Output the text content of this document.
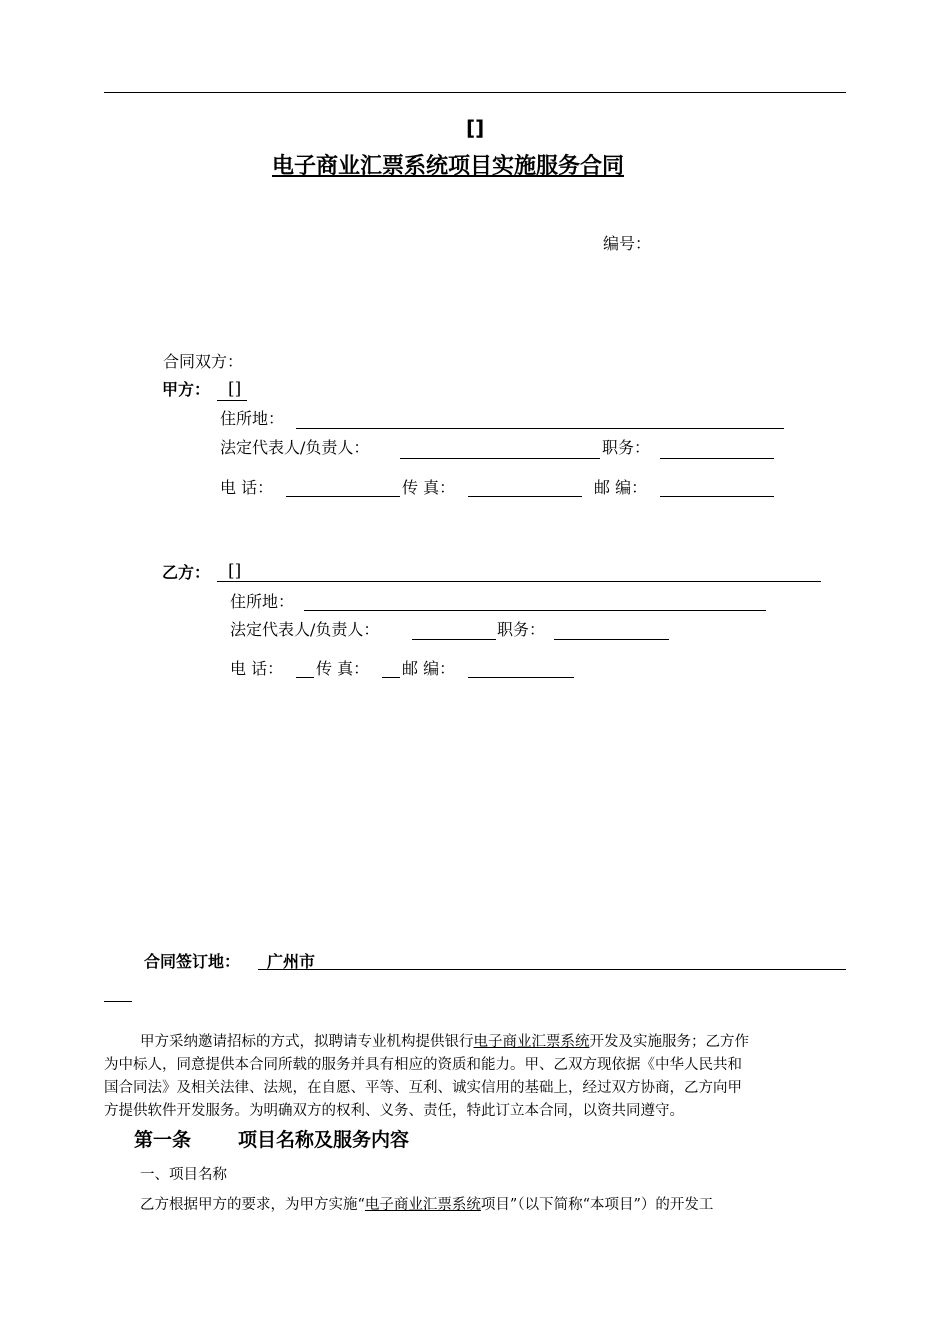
[]
电子商业汇票系统项目实施服务合同
编号：
合同双方：
甲方： []
住所地：
法定代表人/负责人：	职务：
电 话：	传 真：	邮 编：
乙方： []
住所地：
法定代表人/负责人：	职务：
电 话： 传 真： 邮 编：
合同签订地： 广州市
甲方采纳邀请招标的方式，拟聘请专业机构提供银行电子商业汇票系统开发及实施服务；乙方作
为中标人，同意提供本合同所载的服务并具有相应的资质和能力。甲、乙双方现依据《中华人民共和
国合同法》及相关法律、法规，在自愿、平等、互利、诚实信用的基础上，经过双方协商，乙方向甲
方提供软件开发服务。为明确双方的权利、义务、责任，特此订立本合同，以资共同遵守。
第一条 项目名称及服务内容
一、项目名称
乙方根据甲方的要求，为甲方实施“电子商业汇票系统项目”（以下简称“本项目”）的开发工
